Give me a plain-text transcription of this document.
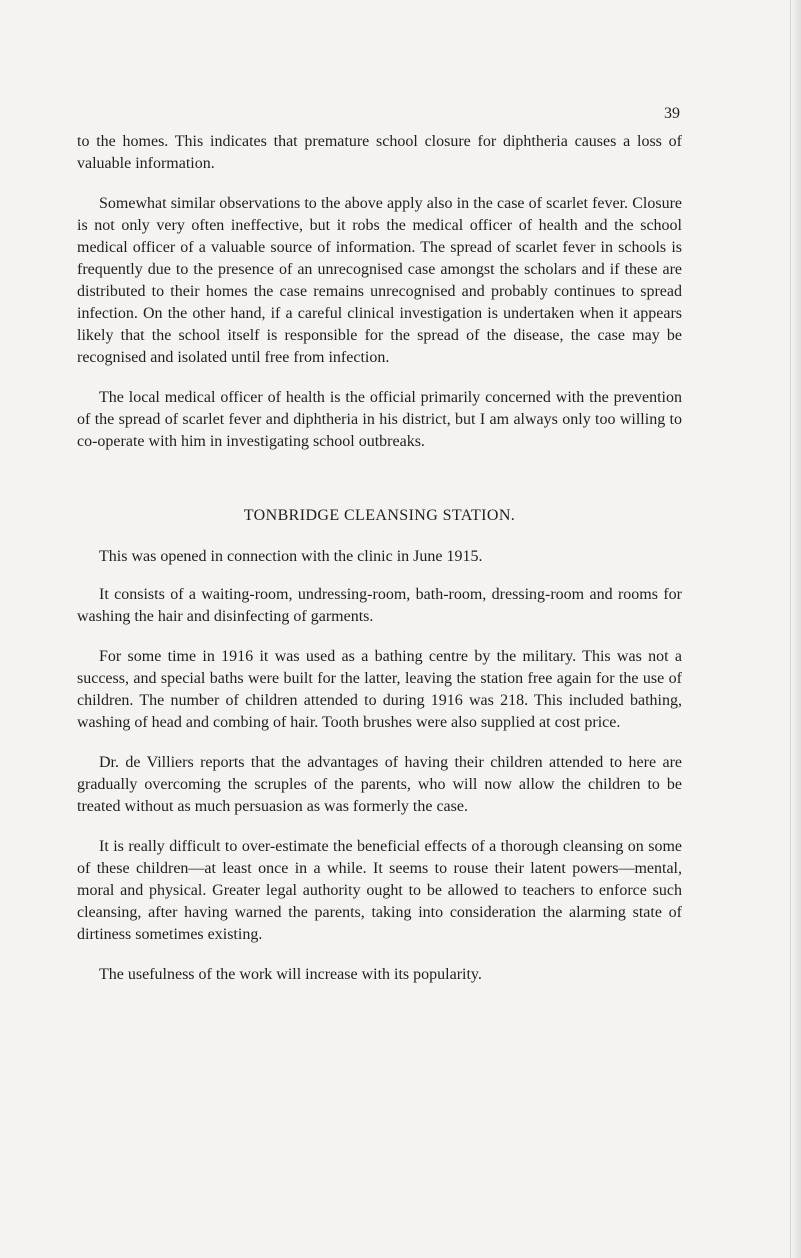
39

to the homes. This indicates that premature school closure for diphtheria causes a loss of valuable information.

Somewhat similar observations to the above apply also in the case of scarlet fever. Closure is not only very often ineffective, but it robs the medical officer of health and the school medical officer of a valuable source of information. The spread of scarlet fever in schools is frequently due to the presence of an unrecognised case amongst the scholars and if these are distributed to their homes the case remains unrecognised and probably continues to spread infection. On the other hand, if a careful clinical investigation is undertaken when it appears likely that the school itself is responsible for the spread of the disease, the case may be recognised and isolated until free from infection.

The local medical officer of health is the official primarily concerned with the prevention of the spread of scarlet fever and diphtheria in his district, but I am always only too willing to co-operate with him in investigating school outbreaks.

TONBRIDGE CLEANSING STATION.

This was opened in connection with the clinic in June 1915.

It consists of a waiting-room, undressing-room, bath-room, dressing-room and rooms for washing the hair and disinfecting of garments.

For some time in 1916 it was used as a bathing centre by the military. This was not a success, and special baths were built for the latter, leaving the station free again for the use of children. The number of children attended to during 1916 was 218. This included bathing, washing of head and combing of hair. Tooth brushes were also supplied at cost price.

Dr. de Villiers reports that the advantages of having their children attended to here are gradually overcoming the scruples of the parents, who will now allow the children to be treated without as much persuasion as was formerly the case.

It is really difficult to over-estimate the beneficial effects of a thorough cleansing on some of these children—at least once in a while. It seems to rouse their latent powers—mental, moral and physical. Greater legal authority ought to be allowed to teachers to enforce such cleansing, after having warned the parents, taking into consideration the alarming state of dirtiness sometimes existing.

The usefulness of the work will increase with its popularity.
